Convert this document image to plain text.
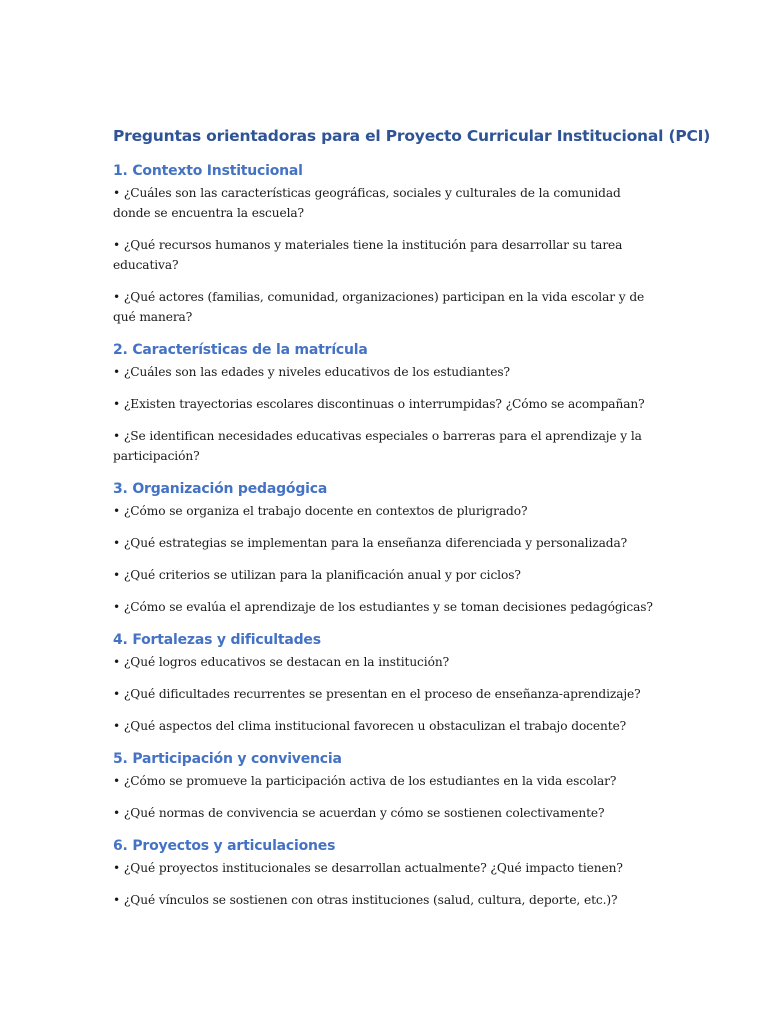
Preguntas orientadoras para el Proyecto Curricular Institucional (PCI)
1. Contexto Institucional

• ¿Cuáles son las características geográficas, sociales y culturales de la comunidad donde se encuentra la escuela?

• ¿Qué recursos humanos y materiales tiene la institución para desarrollar su tarea educativa?

• ¿Qué actores (familias, comunidad, organizaciones) participan en la vida escolar y de qué manera?

2. Características de la matrícula

• ¿Cuáles son las edades y niveles educativos de los estudiantes?

• ¿Existen trayectorias escolares discontinuas o interrumpidas? ¿Cómo se acompañan?

• ¿Se identifican necesidades educativas especiales o barreras para el aprendizaje y la participación?

3. Organización pedagógica

• ¿Cómo se organiza el trabajo docente en contextos de plurigrado?

• ¿Qué estrategias se implementan para la enseñanza diferenciada y personalizada?

• ¿Qué criterios se utilizan para la planificación anual y por ciclos?

• ¿Cómo se evalúa el aprendizaje de los estudiantes y se toman decisiones pedagógicas?

4. Fortalezas y dificultades

• ¿Qué logros educativos se destacan en la institución?

• ¿Qué dificultades recurrentes se presentan en el proceso de enseñanza-aprendizaje?

• ¿Qué aspectos del clima institucional favorecen u obstaculizan el trabajo docente?

5. Participación y convivencia

• ¿Cómo se promueve la participación activa de los estudiantes en la vida escolar?

• ¿Qué normas de convivencia se acuerdan y cómo se sostienen colectivamente?

6. Proyectos y articulaciones

• ¿Qué proyectos institucionales se desarrollan actualmente? ¿Qué impacto tienen?

• ¿Qué vínculos se sostienen con otras instituciones (salud, cultura, deporte, etc.)?
